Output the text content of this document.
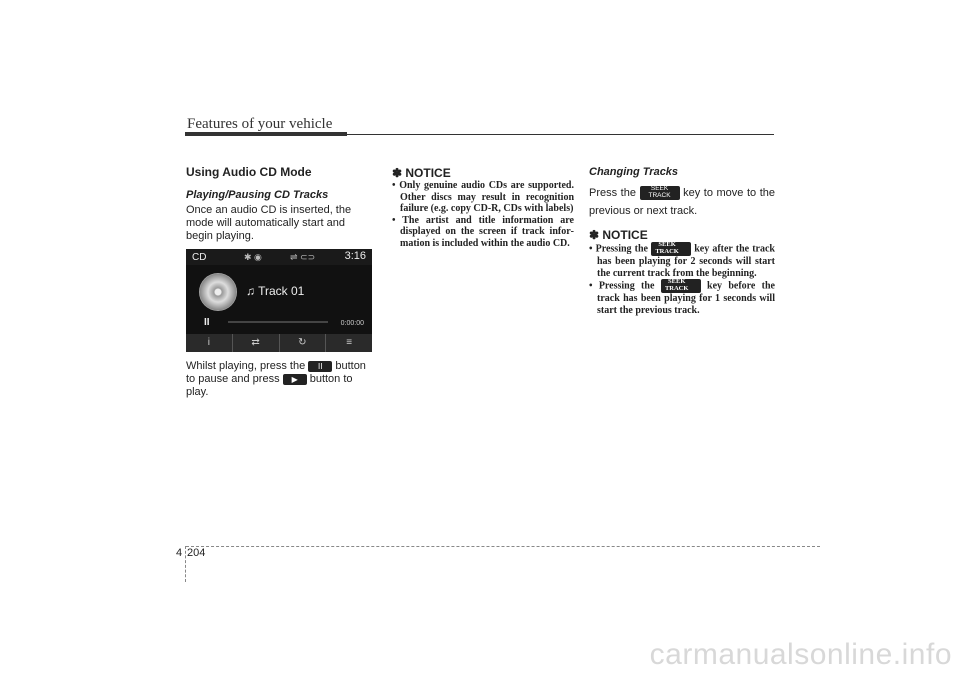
Features of your vehicle
Using Audio CD Mode
Playing/Pausing CD Tracks

Once an audio CD is inserted, the mode will automatically start and begin playing.

CD	✱ ◉	⇌ ⊂⊃	3:16
♫ Track 01
II	0:00:00
i	⇄	↻	≡

Whilst playing, press the II button to pause and press ▶ button to play.

✽ NOTICE
• Only genuine audio CDs are supported. Other discs may result in recognition failure (e.g. copy CD-R, CDs with labels)
• The artist and title information are displayed on the screen if track information is included within the audio CD.
Changing Tracks

Press the	SEEK
TRACK	key to move to the previous or next track.

✽ NOTICE
• Pressing the	SEEK
TRACK	key after the track has been playing for 2 seconds will start the current track from the beginning.
• Pressing the	SEEK
TRACK	key before the track has been playing for 1 seconds will start the previous track.
4 204
carmanualsonline.info
